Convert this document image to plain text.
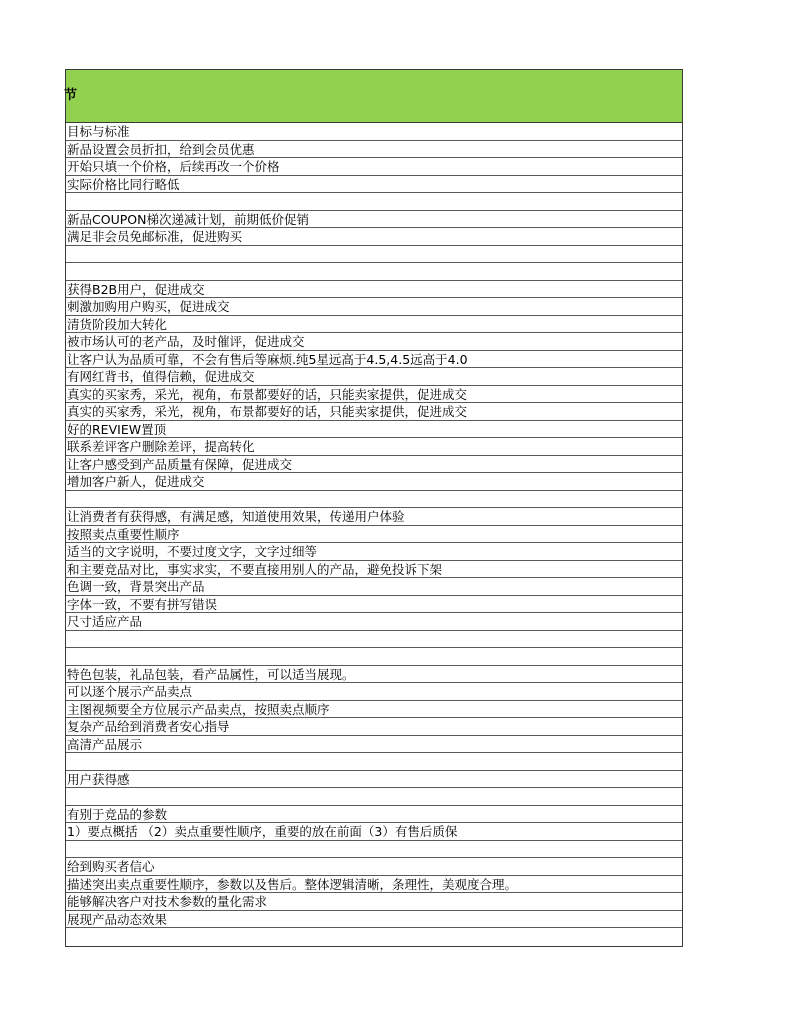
节
目标与标准
新品设置会员折扣，给到会员优惠
开始只填一个价格，后续再改一个价格
实际价格比同行略低
新品COUPON梯次递减计划，前期低价促销
满足非会员免邮标准，促进购买
获得B2B用户，促进成交
刺激加购用户购买，促进成交
清货阶段加大转化
被市场认可的老产品，及时催评，促进成交
让客户认为品质可靠，不会有售后等麻烦.纯5星远高于4.5,4.5远高于4.0
有网红背书，值得信赖，促进成交
真实的买家秀，采光，视角，布景都要好的话，只能卖家提供，促进成交
真实的买家秀，采光，视角，布景都要好的话，只能卖家提供，促进成交
好的REVIEW置顶
联系差评客户删除差评，提高转化
让客户感受到产品质量有保障，促进成交
增加客户新人，促进成交
让消费者有获得感，有满足感，知道使用效果，传递用户体验
按照卖点重要性顺序
适当的文字说明，不要过度文字，文字过细等
和主要竞品对比，事实求实，不要直接用别人的产品，避免投诉下架
色调一致，背景突出产品
字体一致，不要有拼写错误
尺寸适应产品
特色包装，礼品包装，看产品属性，可以适当展现。
可以逐个展示产品卖点
主图视频要全方位展示产品卖点，按照卖点顺序
复杂产品给到消费者安心指导
高清产品展示
用户获得感
有别于竞品的参数
1）要点概括 （2）卖点重要性顺序，重要的放在前面（3）有售后质保
给到购买者信心
描述突出卖点重要性顺序，参数以及售后。整体逻辑清晰，条理性，美观度合理。
能够解决客户对技术参数的量化需求
展现产品动态效果
